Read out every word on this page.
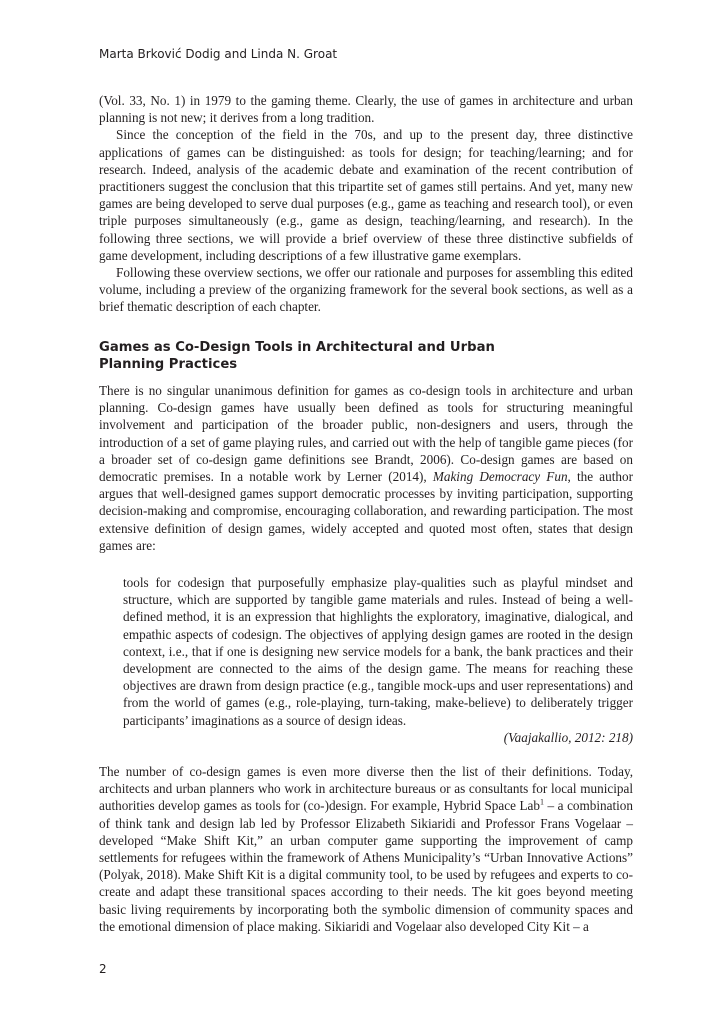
Marta Brković Dodig and Linda N. Groat

(Vol. 33, No. 1) in 1979 to the gaming theme. Clearly, the use of games in architecture and urban planning is not new; it derives from a long tradition.

Since the conception of the field in the 70s, and up to the present day, three distinctive applications of games can be distinguished: as tools for design; for teaching/learning; and for research. Indeed, analysis of the academic debate and examination of the recent contribution of practitioners suggest the conclusion that this tripartite set of games still pertains. And yet, many new games are being developed to serve dual purposes (e.g., game as teaching and research tool), or even triple purposes simultaneously (e.g., game as design, teaching/learning, and research). In the following three sections, we will provide a brief overview of these three distinctive subfields of game development, including descriptions of a few illustrative game exemplars.

Following these overview sections, we offer our rationale and purposes for assembling this edited volume, including a preview of the organizing framework for the several book sections, as well as a brief thematic description of each chapter.

Games as Co-Design Tools in Architectural and Urban
Planning Practices

There is no singular unanimous definition for games as co-design tools in architecture and urban planning. Co-design games have usually been defined as tools for structuring meaningful involvement and participation of the broader public, non-designers and users, through the introduction of a set of game playing rules, and carried out with the help of tangible game pieces (for a broader set of co-design game definitions see Brandt, 2006). Co-design games are based on democratic premises. In a notable work by Lerner (2014), Making Democracy Fun, the author argues that well-designed games support democratic processes by inviting participation, supporting decision-making and compromise, encouraging collaboration, and rewarding participation. The most extensive definition of design games, widely accepted and quoted most often, states that design games are:

tools for codesign that purposefully emphasize play-qualities such as playful mindset and structure, which are supported by tangible game materials and rules. Instead of being a well-defined method, it is an expression that highlights the exploratory, imaginative, dialogical, and empathic aspects of codesign. The objectives of applying design games are rooted in the design context, i.e., that if one is designing new service models for a bank, the bank practices and their development are connected to the aims of the design game. The means for reaching these objectives are drawn from design practice (e.g., tangible mock-ups and user representations) and from the world of games (e.g., role-playing, turn-taking, make-believe) to deliberately trigger participants’ imaginations as a source of design ideas.

(Vaajakallio, 2012: 218)

The number of co-design games is even more diverse then the list of their definitions. Today, architects and urban planners who work in architecture bureaus or as consultants for local municipal authorities develop games as tools for (co-)design. For example, Hybrid Space Lab$^1$ – a combination of think tank and design lab led by Professor Elizabeth Sikiaridi and Professor Frans Vogelaar – developed “Make Shift Kit,” an urban computer game supporting the improvement of camp settlements for refugees within the framework of Athens Municipality’s “Urban Innovative Actions” (Polyak, 2018). Make Shift Kit is a digital community tool, to be used by refugees and experts to co-create and adapt these transitional spaces according to their needs. The kit goes beyond meeting basic living requirements by incorporating both the symbolic dimension of community spaces and the emotional dimension of place making. Sikiaridi and Vogelaar also developed City Kit – a

2
